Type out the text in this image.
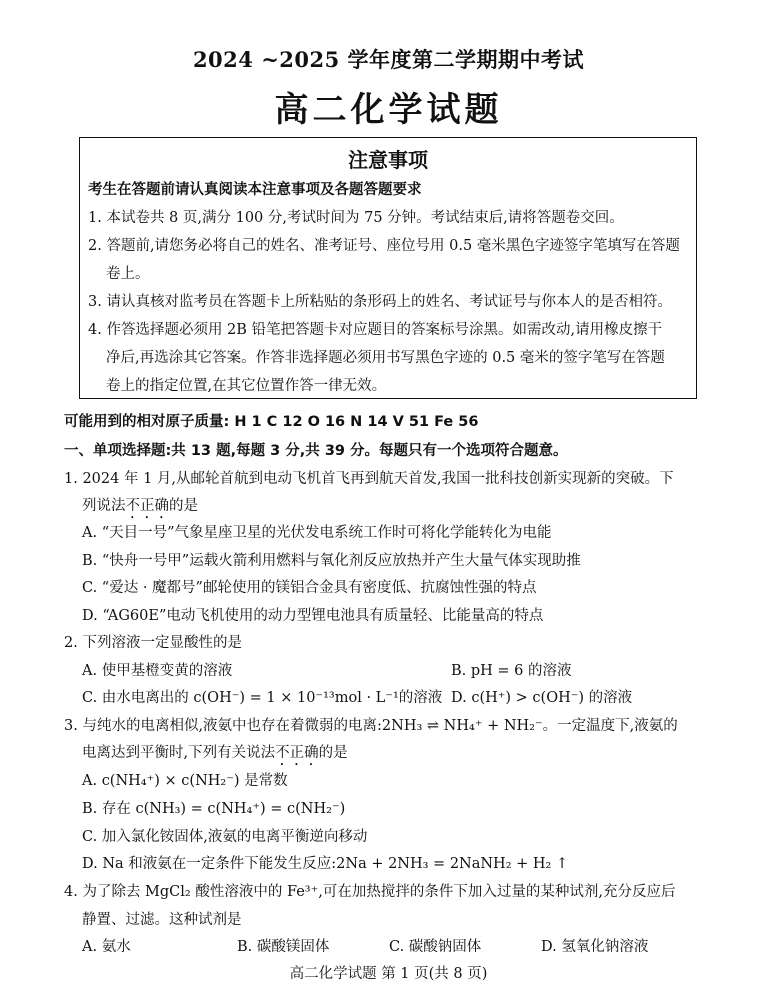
2024 ~2025 学年度第二学期期中考试
高二化学试题
注意事项
考生在答题前请认真阅读本注意事项及各题答题要求
1. 本试卷共 8 页,满分 100 分,考试时间为 75 分钟。考试结束后,请将答题卷交回。
2. 答题前,请您务必将自己的姓名、准考证号、座位号用 0.5 毫米黑色字迹签字笔填写在答题
卷上。
3. 请认真核对监考员在答题卡上所粘贴的条形码上的姓名、考试证号与你本人的是否相符。
4. 作答选择题必须用 2B 铅笔把答题卡对应题目的答案标号涂黑。如需改动,请用橡皮擦干
净后,再选涂其它答案。作答非选择题必须用书写黑色字迹的 0.5 毫米的签字笔写在答题
卷上的指定位置,在其它位置作答一律无效。
可能用到的相对原子质量: H 1 C 12 O 16 N 14 V 51 Fe 56
一、单项选择题:共 13 题,每题 3 分,共 39 分。每题只有一个选项符合题意。
1. 2024 年 1 月,从邮轮首航到电动飞机首飞再到航天首发,我国一批科技创新实现新的突破。下
列说法不正确的是
A. “天目一号”气象星座卫星的光伏发电系统工作时可将化学能转化为电能
B. “快舟一号甲”运载火箭利用燃料与氧化剂反应放热并产生大量气体实现助推
C. “爱达 · 魔都号”邮轮使用的镁铝合金具有密度低、抗腐蚀性强的特点
D. “AG60E”电动飞机使用的动力型锂电池具有质量轻、比能量高的特点
2. 下列溶液一定显酸性的是
A. 使甲基橙变黄的溶液	B. pH = 6 的溶液
C. 由水电离出的 c(OH⁻) = 1 × 10⁻¹³mol · L⁻¹的溶液 D. c(H⁺) > c(OH⁻) 的溶液
3. 与纯水的电离相似,液氨中也存在着微弱的电离:2NH₃ ⇌ NH₄⁺ + NH₂⁻。一定温度下,液氨的
电离达到平衡时,下列有关说法不正确的是
A. c(NH₄⁺) × c(NH₂⁻) 是常数
B. 存在 c(NH₃) = c(NH₄⁺) = c(NH₂⁻)
C. 加入氯化铵固体,液氨的电离平衡逆向移动
D. Na 和液氨在一定条件下能发生反应:2Na + 2NH₃ = 2NaNH₂ + H₂ ↑
4. 为了除去 MgCl₂ 酸性溶液中的 Fe³⁺,可在加热搅拌的条件下加入过量的某种试剂,充分反应后
静置、过滤。这种试剂是
A. 氨水	B. 碳酸镁固体	C. 碳酸钠固体	D. 氢氧化钠溶液
高二化学试题 第 1 页(共 8 页)
